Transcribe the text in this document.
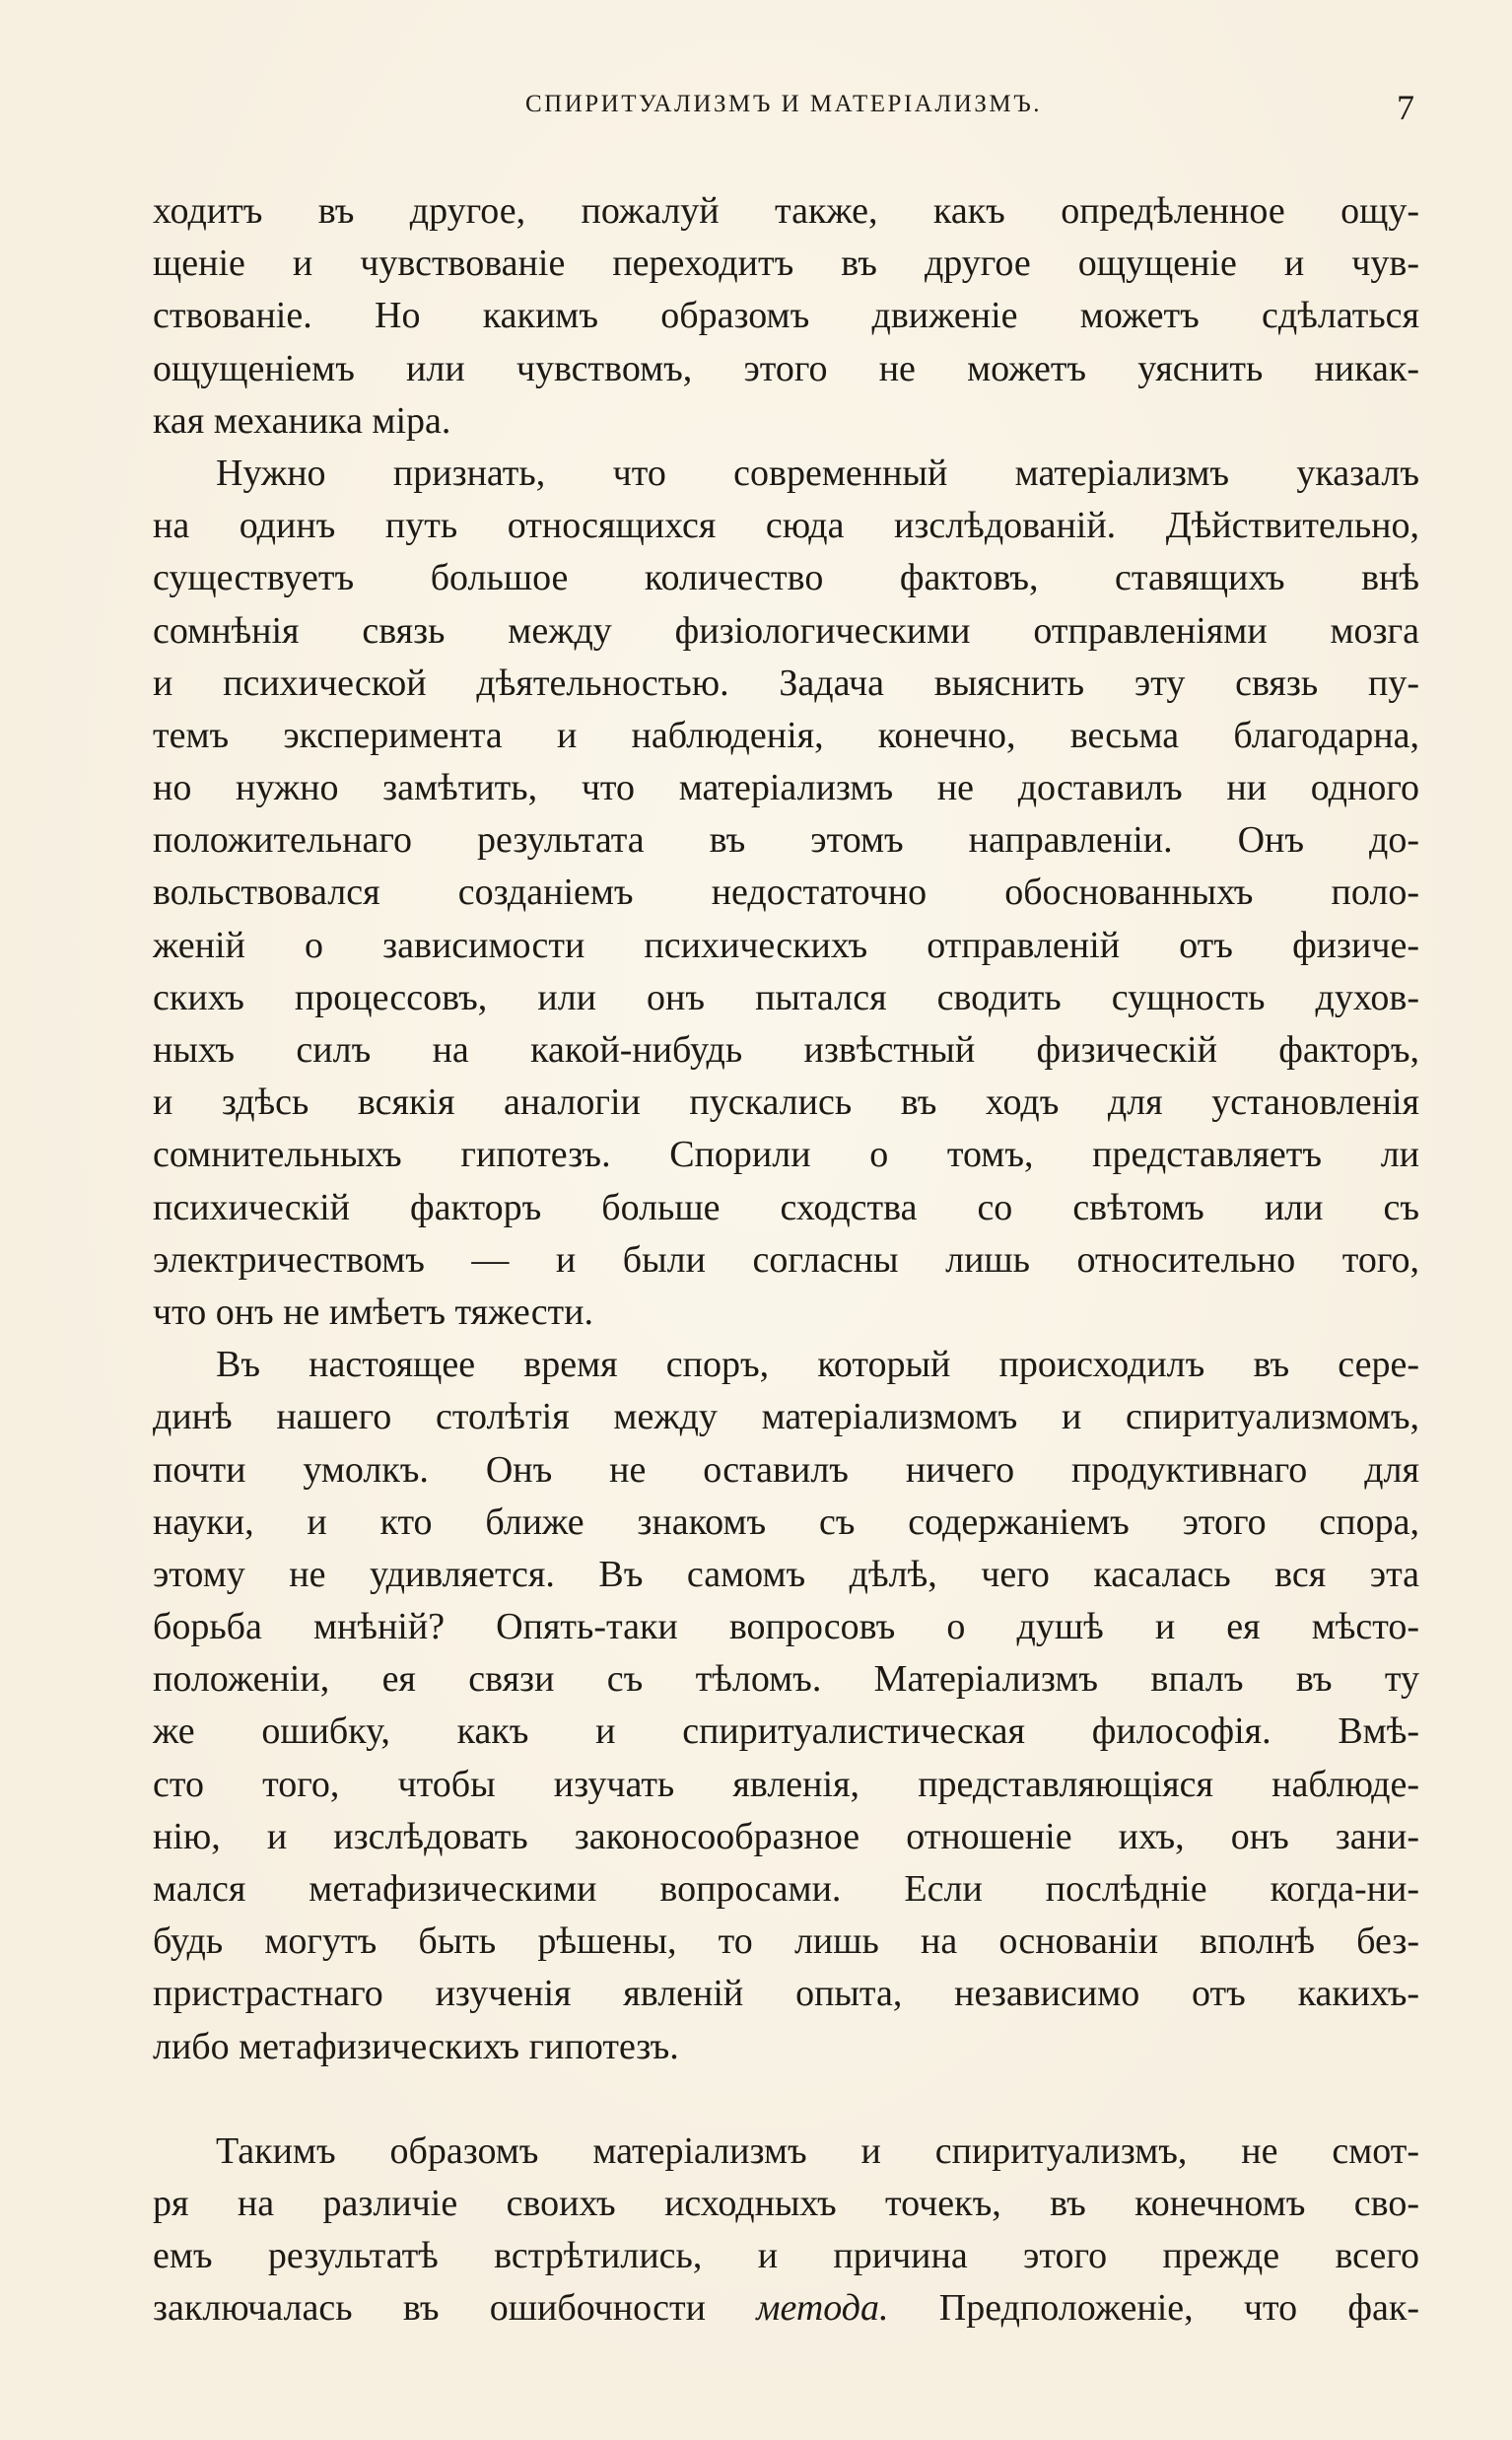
СПИРИТУАЛИЗМЪ И МАТЕРІАЛИЗМЪ.	7
ходитъ въ другое, пожалуй также, какъ опредѣленное ощу-
щеніе и чувствованіе переходитъ въ другое ощущеніе и чув-
ствованіе. Но какимъ образомъ движеніе можетъ сдѣлаться
ощущеніемъ или чувствомъ, этого не можетъ уяснить никак-
кая механика міра.
Нужно признать, что современный матеріализмъ указалъ
на одинъ путь относящихся сюда изслѣдованій. Дѣйствительно,
существуетъ большое количество фактовъ, ставящихъ внѣ
сомнѣнія связь между физіологическими отправленіями мозга
и психической дѣятельностью. Задача выяснить эту связь пу-
темъ эксперимента и наблюденія, конечно, весьма благодарна,
но нужно замѣтить, что матеріализмъ не доставилъ ни одного
положительнаго результата въ этомъ направленіи. Онъ до-
вольствовался созданіемъ недостаточно обоснованныхъ поло-
женій о зависимости психическихъ отправленій отъ физиче-
скихъ процессовъ, или онъ пытался сводить сущность духов-
ныхъ силъ на какой-нибудь извѣстный физическій факторъ,
и здѣсь всякія аналогіи пускались въ ходъ для установленія
сомнительныхъ гипотезъ. Спорили о томъ, представляетъ ли
психическій факторъ больше сходства со свѣтомъ или съ
электричествомъ — и были согласны лишь относительно того,
что онъ не имѣетъ тяжести.
Въ настоящее время споръ, который происходилъ въ сере-
динѣ нашего столѣтія между матеріализмомъ и спиритуализмомъ,
почти умолкъ. Онъ не оставилъ ничего продуктивнаго для
науки, и кто ближе знакомъ съ содержаніемъ этого спора,
этому не удивляется. Въ самомъ дѣлѣ, чего касалась вся эта
борьба мнѣній? Опять-таки вопросовъ о душѣ и ея мѣсто-
положеніи, ея связи съ тѣломъ. Матеріализмъ впалъ въ ту
же ошибку, какъ и спиритуалистическая философія. Вмѣ-
сто того, чтобы изучать явленія, представляющіяся наблюде-
нію, и изслѣдовать законосообразное отношеніе ихъ, онъ зани-
мался метафизическими вопросами. Если послѣдніе когда-ни-
будь могутъ быть рѣшены, то лишь на основаніи вполнѣ без-
пристрастнаго изученія явленій опыта, независимо отъ какихъ-
либо метафизическихъ гипотезъ.
Такимъ образомъ матеріализмъ и спиритуализмъ, не смот-
ря на различіе своихъ исходныхъ точекъ, въ конечномъ сво-
емъ результатѣ встрѣтились, и причина этого прежде всего
заключалась въ ошибочности метода. Предположеніе, что фак-
